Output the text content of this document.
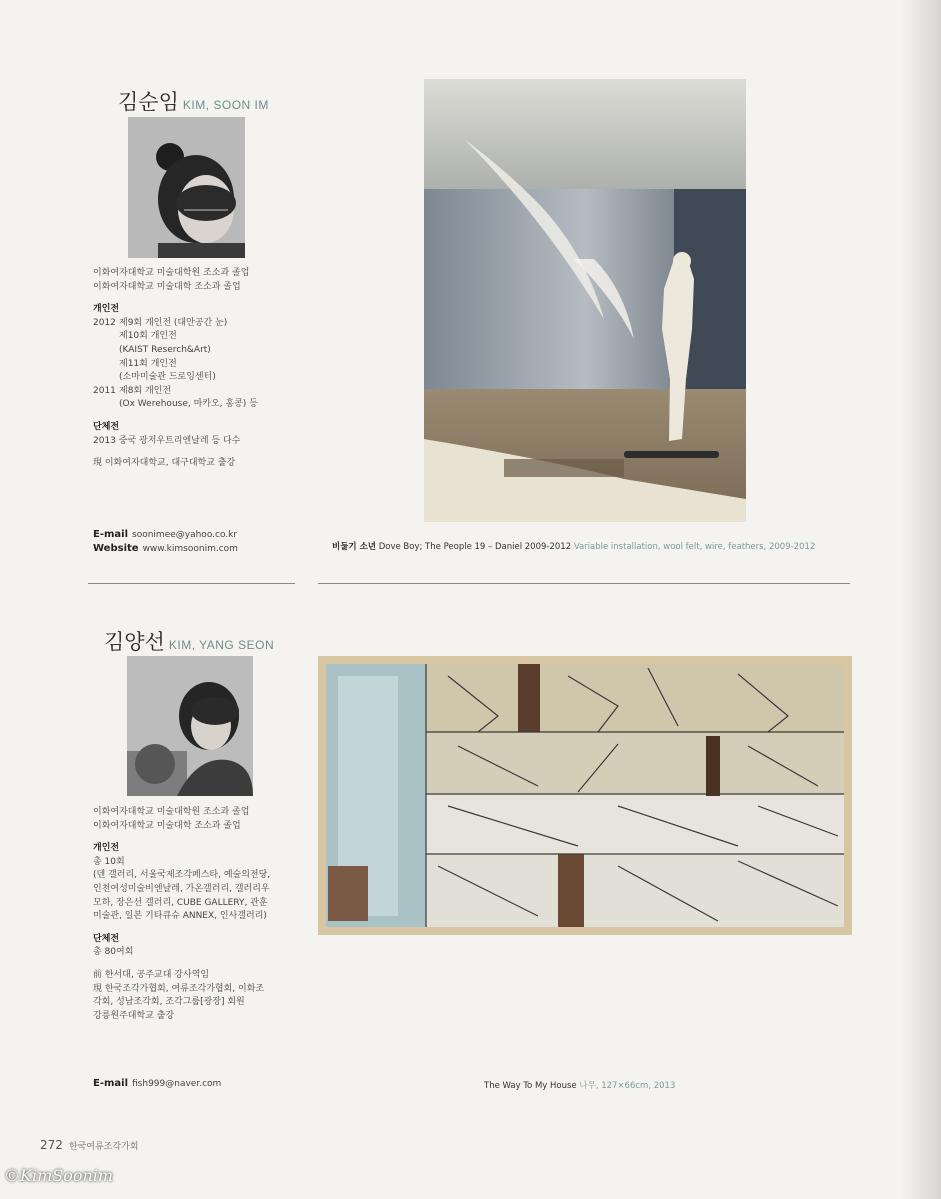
김순임 KIM, SOON IM
이화여자대학교 미술대학원 조소과 졸업
이화여자대학교 미술대학 조소과 졸업
개인전
2012 제9회 개인전 (대안공간 눈)
제10회 개인전
(KAIST Reserch&Art)
제11회 개인전
(소마미술관 드로잉센터)
2011 제8회 개인전
(Ox Werehouse, 마카오, 홍콩) 등
단체전
2013 중국 광저우트리엔날레 등 다수
現 이화여자대학교, 대구대학교 출강
E-mail soonimee@yahoo.co.kr
Website www.kimsoonim.com	비둘기 소년 Dove Boy; The People 19 – Daniel 2009-2012 Variable installation, wool felt, wire, feathers, 2009-2012
김양선 KIM, YANG SEON
이화여자대학교 미술대학원 조소과 졸업
이화여자대학교 미술대학 조소과 졸업
개인전
총 10회
(덴 갤러리, 서울국제조각페스타, 예술의전당,
인천여성미술비엔날레, 가온갤러리, 갤러리우
모하, 장은선 갤러리, CUBE GALLERY, 관훈
미술관, 일본 기타큐슈 ANNEX, 인사갤러리)
단체전
총 80여회
前 한서대, 공주교대 강사역임
現 한국조각가협회, 여류조각가협회, 이화조
각회, 성남조각회, 조각그룹[광장] 회원
강릉원주대학교 출강
E-mail fish999@naver.com	The Way To My House 나무, 127×66cm, 2013
272 한국여류조각가회
©KimSoonim
